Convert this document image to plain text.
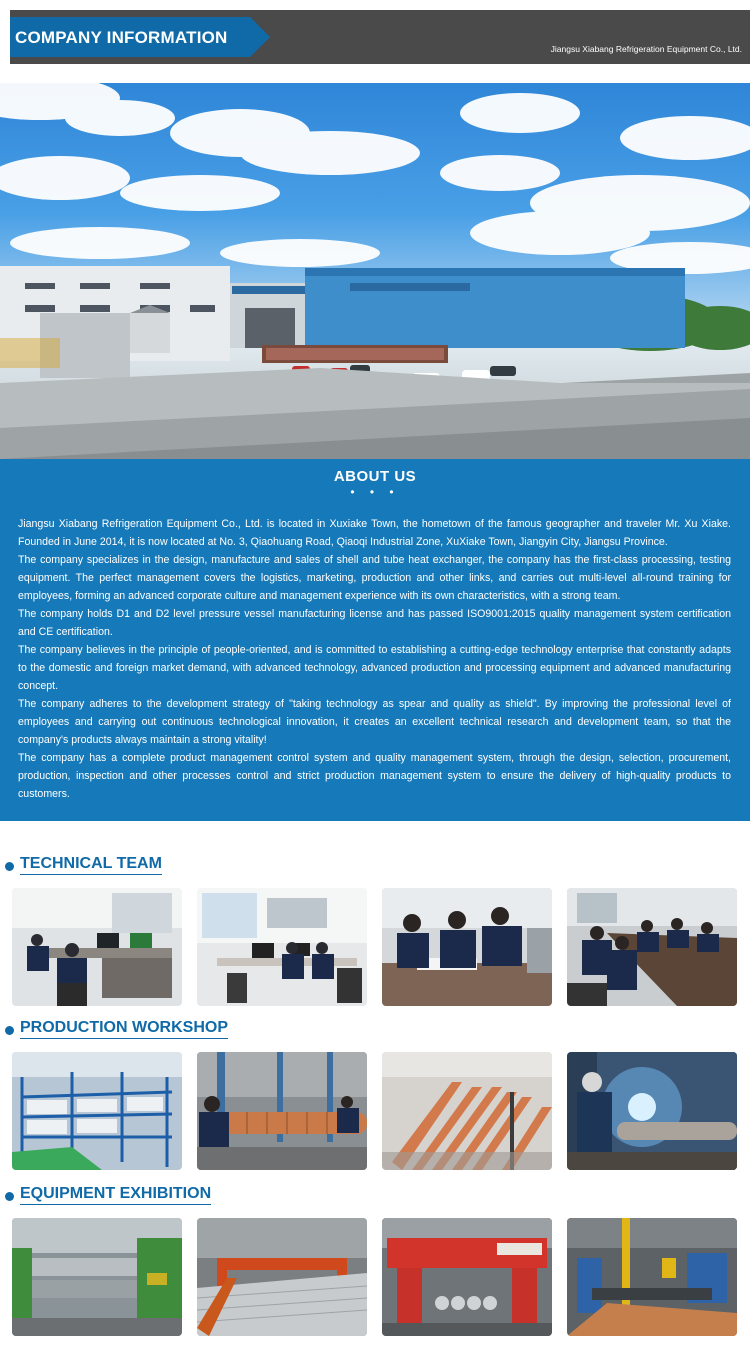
COMPANY INFORMATION
Jiangsu Xiabang Refrigeration Equipment Co., Ltd.
ABOUT US
• • •

Jiangsu Xiabang Refrigeration Equipment Co., Ltd. is located in Xuxiake Town, the hometown of the famous geographer and traveler Mr. Xu Xiake. Founded in June 2014, it is now located at No. 3, Qiaohuang Road, Qiaoqi Industrial Zone, XuXiake Town, Jiangyin City, Jiangsu Province.

The company specializes in the design, manufacture and sales of shell and tube heat exchanger, the company has the first-class processing, testing equipment. The perfect management covers the logistics, marketing, production and other links, and carries out multi-level all-round training for employees, forming an advanced corporate culture and management experience with its own characteristics, with a strong team.

The company holds D1 and D2 level pressure vessel manufacturing license and has passed ISO9001:2015 quality management system certification and CE certification.

The company believes in the principle of people-oriented, and is committed to establishing a cutting-edge technology enterprise that constantly adapts to the domestic and foreign market demand, with advanced technology, advanced production and processing equipment and advanced manufacturing concept.

The company adheres to the development strategy of "taking technology as spear and quality as shield". By improving the professional level of employees and carrying out continuous technological innovation, it creates an excellent technical research and development team, so that the company's products always maintain a strong vitality!

The company has a complete product management control system and quality management system, through the design, selection, procurement, production, inspection and other processes control and strict production management system to ensure the delivery of high-quality products to customers.

TECHNICAL TEAM
PRODUCTION WORKSHOP
EQUIPMENT EXHIBITION
